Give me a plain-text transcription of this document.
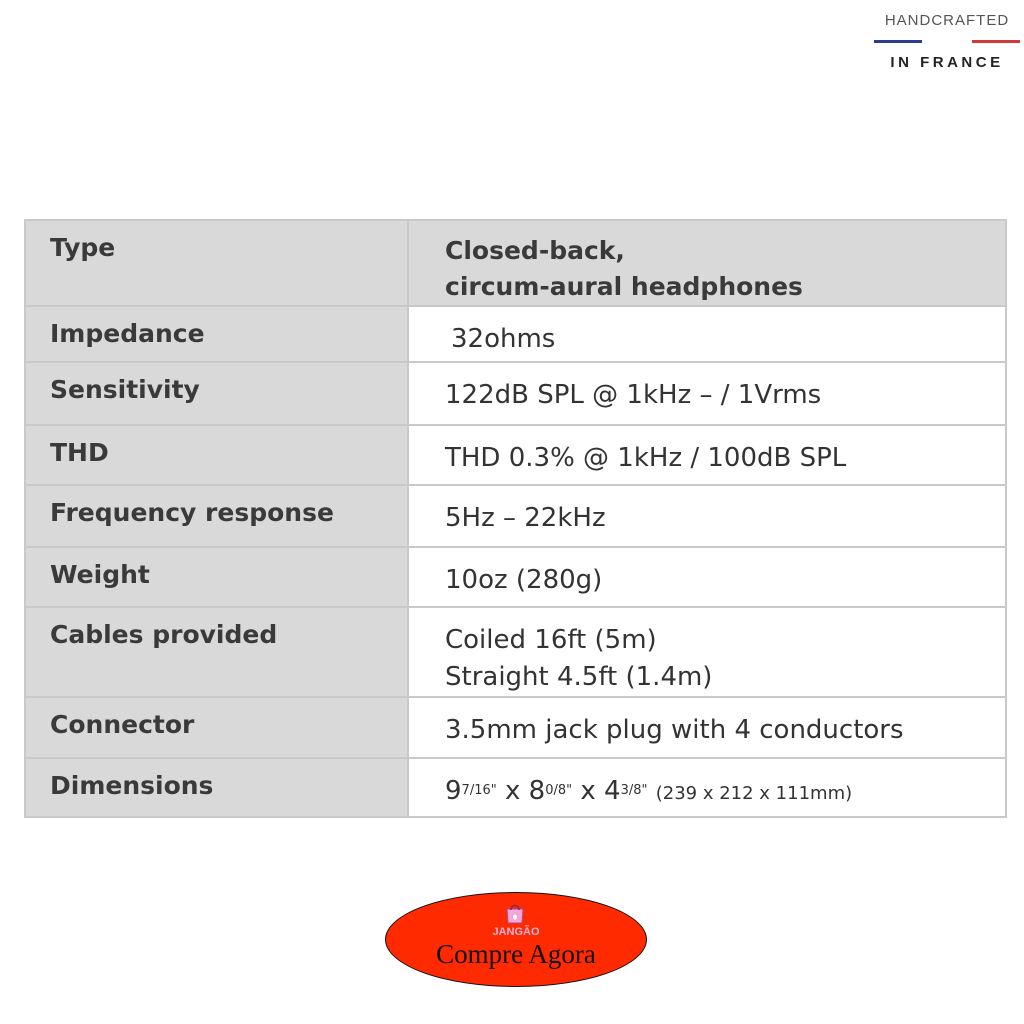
HANDCRAFTED
IN FRANCE
Type	Closed-back,
circum-aural headphones

Impedance	32ohms

Sensitivity	122dB SPL @ 1kHz – / 1Vrms

THD	THD 0.3% @ 1kHz / 100dB SPL

Frequency response	5Hz – 22kHz

Weight	10oz (280g)

Cables provided	Coiled 16ft (5m)
Straight 4.5ft (1.4m)

Connector	3.5mm jack plug with 4 conductors

Dimensions	$9^{7/16"}$ x $8^{0/8"}$ x $4^{3/8"}$ (239 x 212 x 111mm)
JANGÃO
Compre Agora
